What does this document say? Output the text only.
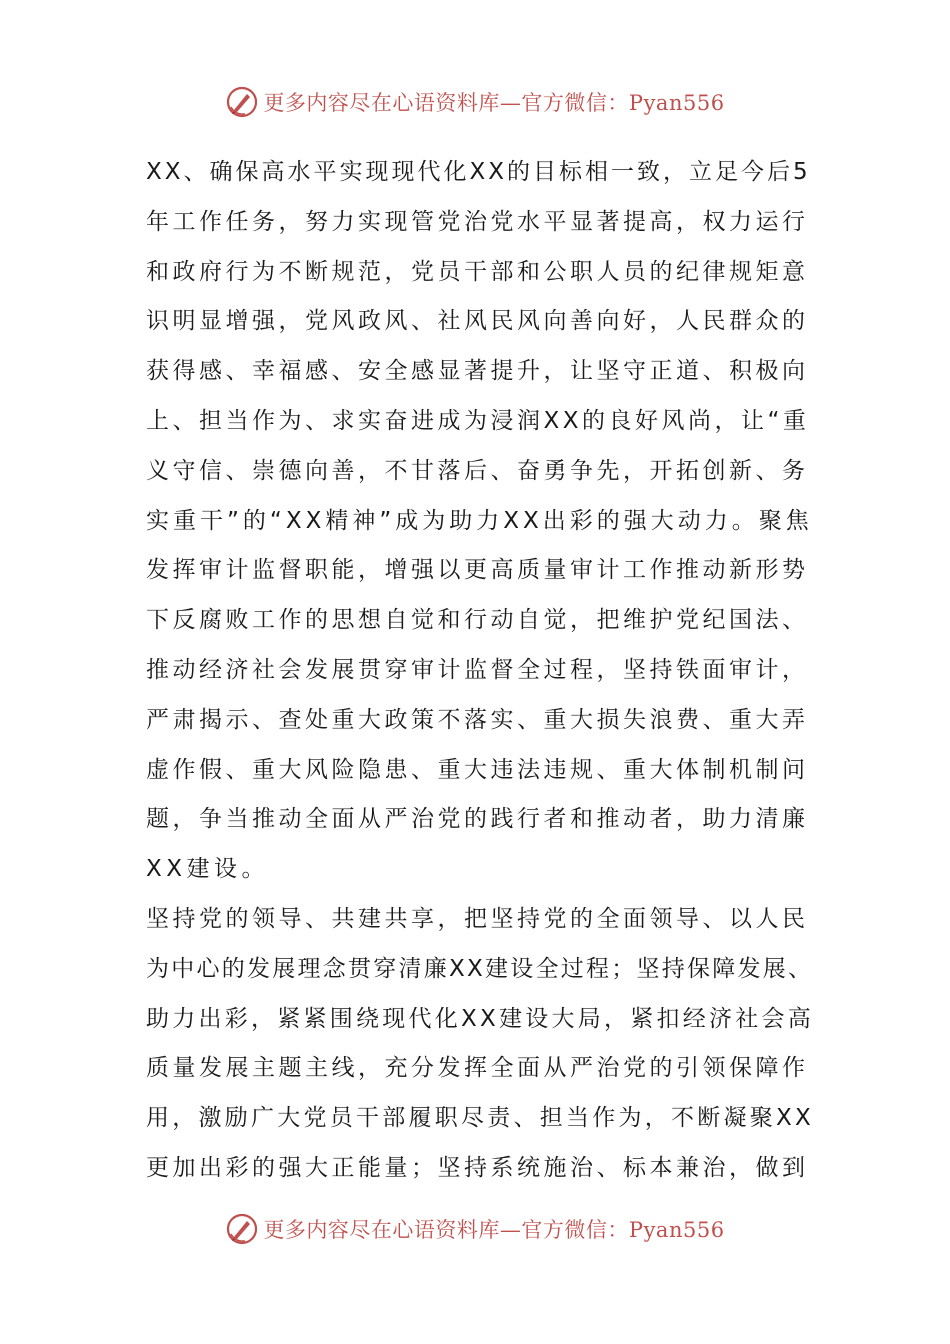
更多内容尽在心语资料库—官方微信：Pyan556
XX、确保高水平实现现代化XX的目标相一致，立足今后5
年工作任务，努力实现管党治党水平显著提高，权力运行
和政府行为不断规范，党员干部和公职人员的纪律规矩意
识明显增强，党风政风、社风民风向善向好，人民群众的
获得感、幸福感、安全感显著提升，让坚守正道、积极向
上、担当作为、求实奋进成为浸润XX的良好风尚，让“重
义守信、崇德向善，不甘落后、奋勇争先，开拓创新、务
实重干”的“XX精神”成为助力XX出彩的强大动力。聚焦
发挥审计监督职能，增强以更高质量审计工作推动新形势
下反腐败工作的思想自觉和行动自觉，把维护党纪国法、
推动经济社会发展贯穿审计监督全过程，坚持铁面审计，
严肃揭示、查处重大政策不落实、重大损失浪费、重大弄
虚作假、重大风险隐患、重大违法违规、重大体制机制问
题，争当推动全面从严治党的践行者和推动者，助力清廉
XX建设。
坚持党的领导、共建共享，把坚持党的全面领导、以人民
为中心的发展理念贯穿清廉XX建设全过程；坚持保障发展、
助力出彩，紧紧围绕现代化XX建设大局，紧扣经济社会高
质量发展主题主线，充分发挥全面从严治党的引领保障作
用，激励广大党员干部履职尽责、担当作为，不断凝聚XX
更加出彩的强大正能量；坚持系统施治、标本兼治，做到
更多内容尽在心语资料库—官方微信：Pyan556
